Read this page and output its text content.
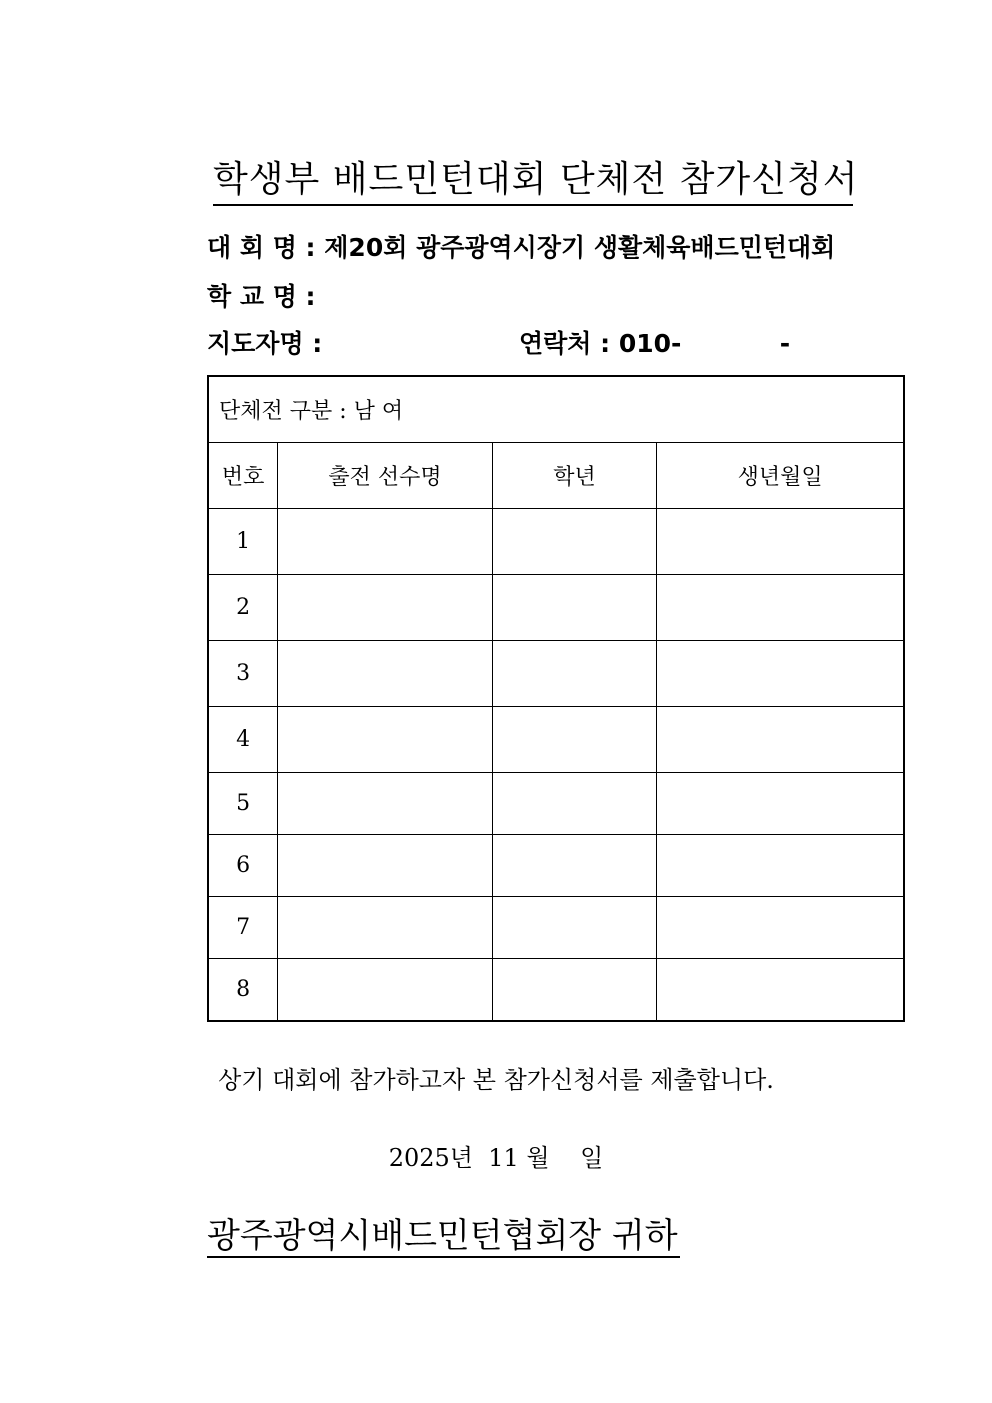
학생부 배드민턴대회 단체전 참가신청서
대 회 명 : 제20회 광주광역시장기 생활체육배드민턴대회
학 교 명 :
지도자명 :	연락처 : 010-	-
단체전 구분 : 남 여			
번호	출전 선수명	학년	생년월일
1			
2			
3			
4			
5			
6			
7			
8			
상기 대회에 참가하고자 본 참가신청서를 제출합니다.
2025년  11 월    일
광주광역시배드민턴협회장 귀하
